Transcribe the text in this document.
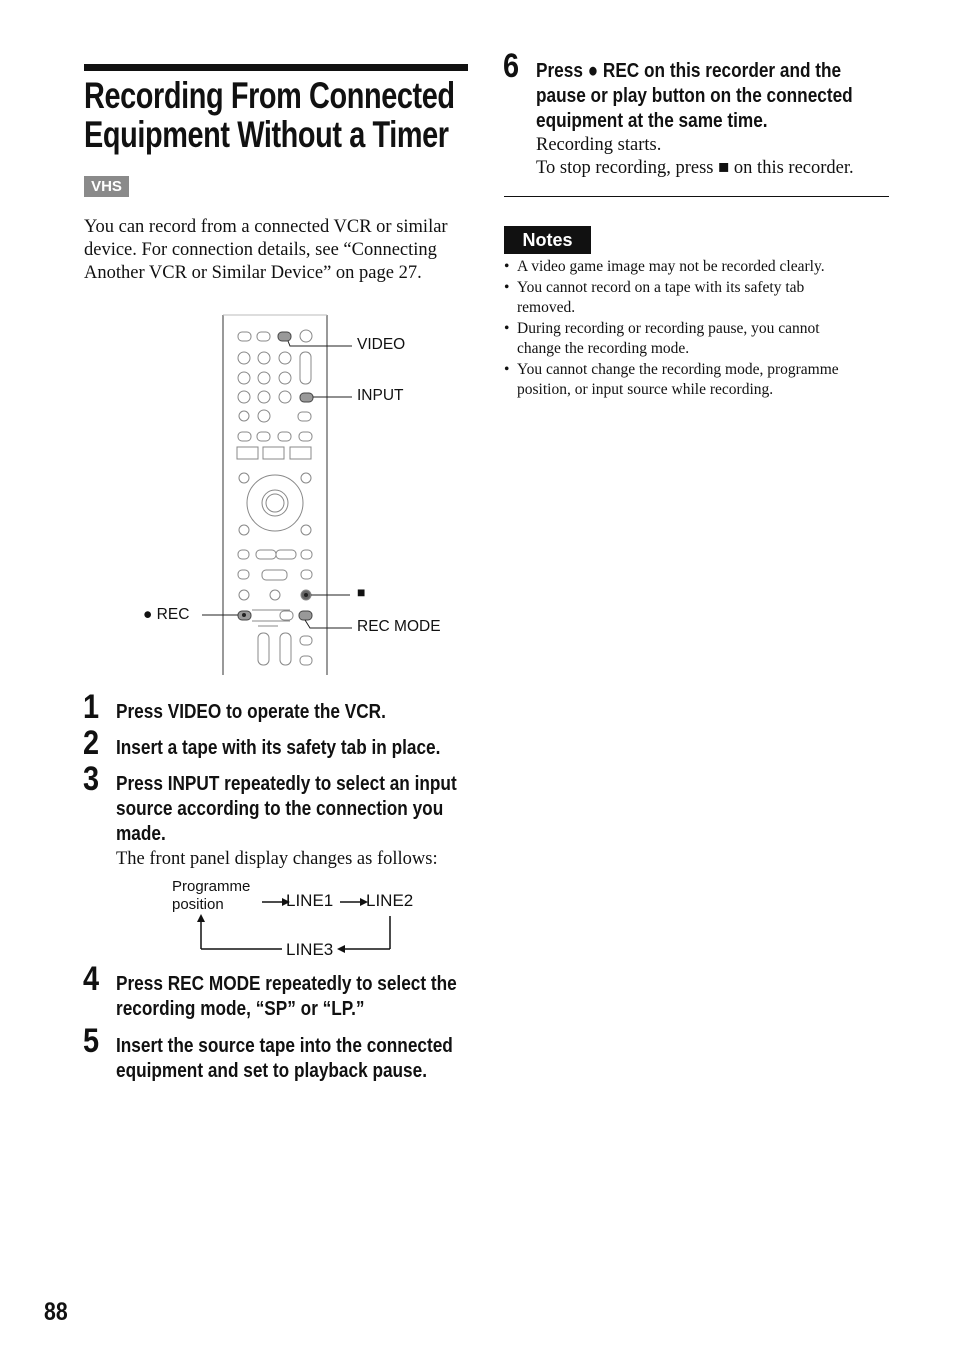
Recording From Connected
Equipment Without a Timer
VHS
You can record from a connected VCR or similar device. For connection details, see “Connecting Another VCR or Similar Device” on page 27.
VIDEO
INPUT
■
● REC
REC MODE
1 Press VIDEO to operate the VCR.
2 Insert a tape with its safety tab in place.
3 Press INPUT repeatedly to select an input
source according to the connection you
made.
The front panel display changes as follows:
Programme
position	LINE1 LINE2
LINE3
4 Press REC MODE repeatedly to select the
recording mode, “SP” or “LP.”
5 Insert the source tape into the connected
equipment and set to playback pause.
6 Press ● REC on this recorder and the
pause or play button on the connected
equipment at the same time.
Recording starts.
To stop recording, press ■ on this recorder.
Notes
• A video game image may not be recorded clearly.
• You cannot record on a tape with its safety tab
removed.
• During recording or recording pause, you cannot
change the recording mode.
• You cannot change the recording mode, programme
position, or input source while recording.
88
